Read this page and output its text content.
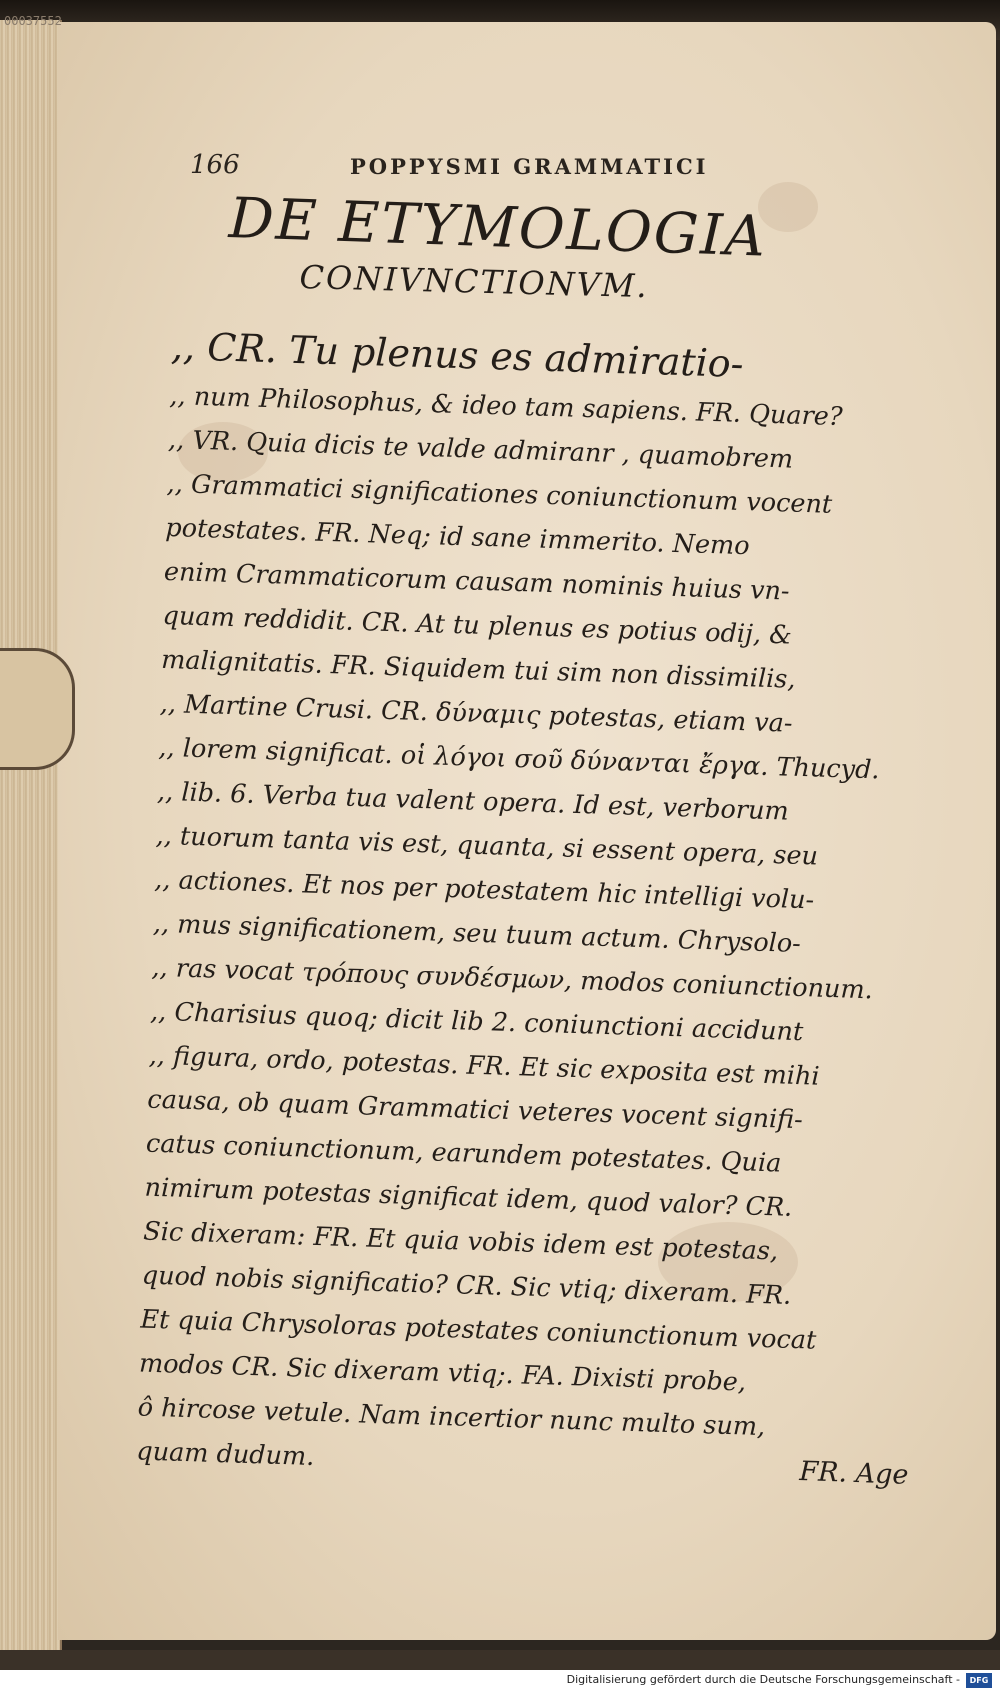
00037552
166	POPPYSMI GRAMMATICI
DE ETYMOLOGIA
CONIVNCTIONVM.
,, CR. Tu plenus es admiratio-
,, num Philosophus, & ideo tam sapiens. FR. Quare?
,, VR. Quia dicis te valde admiranr , quamobrem
,, Grammatici significationes coniunctionum vocent
potestates. FR. Neq; id sane immerito. Nemo
enim Crammaticorum causam nominis huius vn-
quam reddidit. CR. At tu plenus es potius odij, &
malignitatis. FR. Siquidem tui sim non dissimilis,
,, Martine Crusi. CR. δύναμις potestas, etiam va-
,, lorem significat. οἱ λόγοι σοῦ δύνανται ἔργα. Thucyd.
,, lib. 6. Verba tua valent opera. Id est, verborum
,, tuorum tanta vis est, quanta, si essent opera, seu
,, actiones. Et nos per potestatem hic intelligi volu-
,, mus significationem, seu tuum actum. Chrysolo-
,, ras vocat τρόπους συνδέσμων, modos coniunctionum.
,, Charisius quoq; dicit lib 2. coniunctioni accidunt
,, figura, ordo, potestas. FR. Et sic exposita est mihi
causa, ob quam Grammatici veteres vocent signifi-
catus coniunctionum, earundem potestates. Quia
nimirum potestas significat idem, quod valor? CR.
Sic dixeram: FR. Et quia vobis idem est potestas,
quod nobis significatio? CR. Sic vtiq; dixeram. FR.
Et quia Chrysoloras potestates coniunctionum vocat
modos CR. Sic dixeram vtiq;. FA. Dixisti probe,
ô hircose vetule. Nam incertior nunc multo sum,
quam dudum.
FR. Age
Digitalisierung gefördert durch die Deutsche Forschungsgemeinschaft -	DFG
